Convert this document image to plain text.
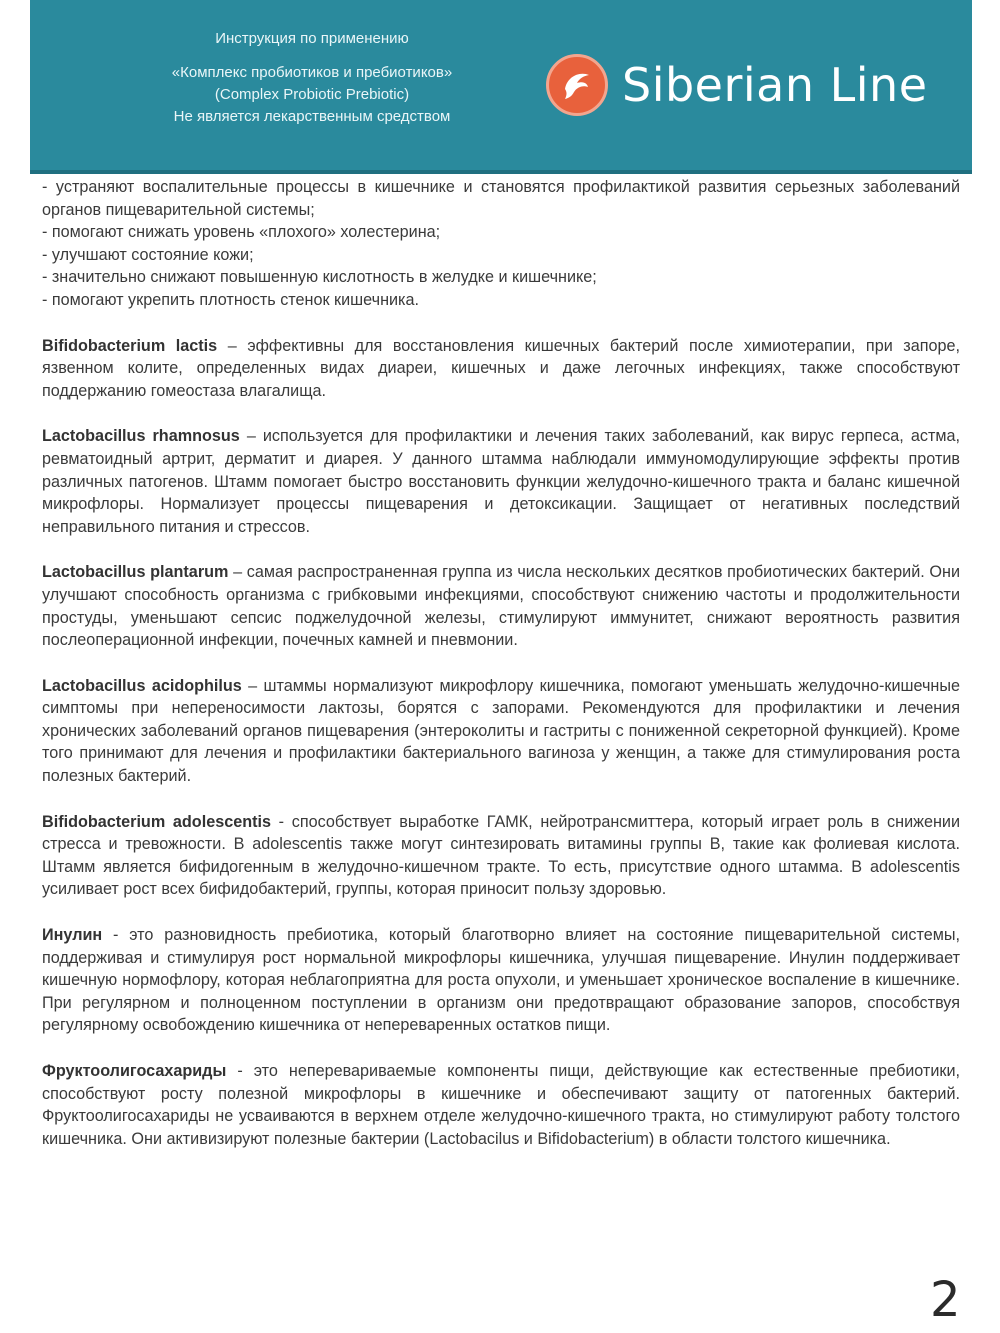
Инструкция по применению
«Комплекс пробиотиков и пребиотиков»
(Complex Probiotic Prebiotic)
Не является лекарственным средством
Siberian Line

- устраняют воспалительные процессы в кишечнике и становятся профилактикой развития серьезных заболеваний органов пищеварительной системы;

- помогают снижать уровень «плохого» холестерина;

- улучшают состояние кожи;

- значительно снижают повышенную кислотность в желудке и кишечнике;

- помогают укрепить плотность стенок кишечника.

Bifidobacterium lactis – эффективны для восстановления кишечных бактерий после химиотерапии, при запоре, язвенном колите, определенных видах диареи, кишечных и даже легочных инфекциях, также способствуют поддержанию гомеостаза влагалища.

Lactobacillus rhamnosus – используется для профилактики и лечения таких заболеваний, как вирус герпеса, астма, ревматоидный артрит, дерматит и диарея. У данного штамма наблюдали иммуномодулирующие эффекты против различных патогенов. Штамм помогает быстро восстановить функции желудочно-кишечного тракта и баланс кишечной микрофлоры. Нормализует процессы пищеварения и детоксикации. Защищает от негативных последствий неправильного питания и стрессов.

Lactobacillus plantarum – самая распространенная группа из числа нескольких десятков пробиотических бактерий. Они улучшают способность организма с грибковыми инфекциями, способствуют снижению частоты и продолжительности простуды, уменьшают сепсис поджелудочной железы, стимулируют иммунитет, снижают вероятность развития послеоперационной инфекции, почечных камней и пневмонии.

Lactobacillus acidophilus – штаммы нормализуют микрофлору кишечника, помогают уменьшать желудочно-кишечные симптомы при непереносимости лактозы, борятся с запорами. Рекомендуются для профилактики и лечения хронических заболеваний органов пищеварения (энтероколиты и гастриты с пониженной секреторной функцией). Кроме того принимают для лечения и профилактики бактериального вагиноза у женщин, а также для стимулирования роста полезных бактерий.

Bifidobacterium adolescentis - способствует выработке ГАМК, нейротрансмиттера, который играет роль в снижении стресса и тревожности. В adolescentis также могут синтезировать витамины группы В, такие как фолиевая кислота. Штамм является бифидогенным в желудочно-кишечном тракте. То есть, присутствие одного штамма. В adolescentis усиливает рост всех бифидобактерий, группы, которая приносит пользу здоровью.

Инулин - это разновидность пребиотика, который благотворно влияет на состояние пищеварительной системы, поддерживая и стимулируя рост нормальной микрофлоры кишечника, улучшая пищеварение. Инулин поддерживает кишечную нормофлору, которая неблагоприятна для роста опухоли, и уменьшает хроническое воспаление в кишечнике. При регулярном и полноценном поступлении в организм они предотвращают образование запоров, способствуя регулярному освобождению кишечника от непереваренных остатков пищи.

Фруктоолигосахариды - это неперевариваемые компоненты пищи, действующие как естественные пребиотики, способствуют росту полезной микрофлоры в кишечнике и обеспечивают защиту от патогенных бактерий. Фруктоолигосахариды не усваиваются в верхнем отделе желудочно-кишечного тракта, но стимулируют работу толстого кишечника. Они активизируют полезные бактерии (Lactobacilus и Bifidobacterium) в области толстого кишечника.

2
